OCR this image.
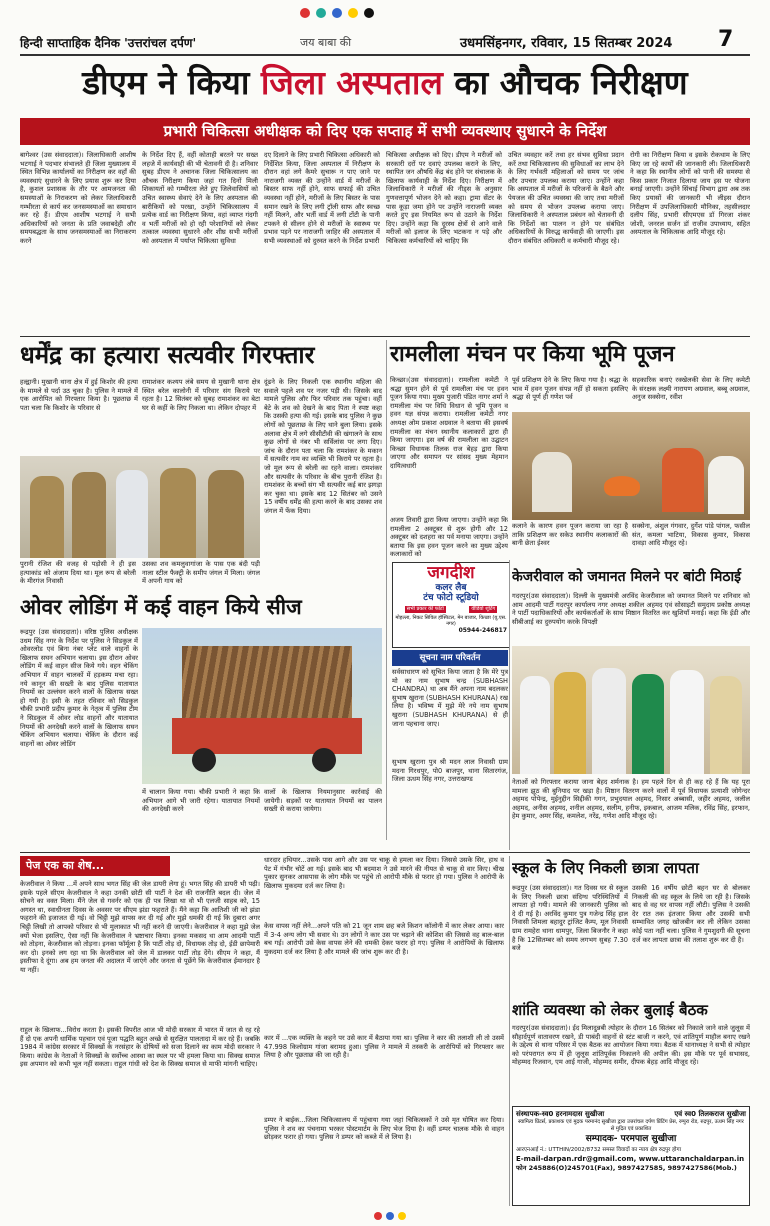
हिन्दी साप्ताहिक दैनिक 'उत्तरांचल दर्पण'	जय बाबा की	उधमसिंहनगर, रविवार, 15 सितम्बर 2024 7
डीएम ने किया जिला अस्पताल का औचक निरीक्षण
प्रभारी चिकित्सा अधीक्षक को दिए एक सप्ताह में सभी व्यवस्थाए सुधारने के निर्देश
बागेश्वर (उस संवाददाता)। जिलाधिकारी आशीष भटगाई ने पदभार संभालते ही जिला मुख्यालय में स्थित विभिन्न कार्यालयों का निरीक्षण कर वहाँ की व्यवस्थाएं सुधारने के लिए प्रयास शुरू कर दिया है, कुशल प्रशासक के तौर पर आमजनता की समस्याओं के निराकरण को लेकर जिलाधिकारी गम्भीरता से कार्य कर जनसमस्याओं का समाधान कर रहे हैं। डीएम आशीष भटगाई ने सभी अधिकारियों को जनता के प्रति जवाबदेही और समयबद्धता के साथ जनसमस्याओं का निराकरण करने
के निर्देश दिए हैं, वहीं कोताही बरतने पर सख्त लहजे में कार्यवाही की भी चेतावनी दी है। शनिवार सुबह डीएम ने अचानक जिला चिकित्सालय का औचक निरीक्षण किया जहां गत दिनों मिली शिकायतों को गम्भीरता लेते हुए जिलेवासियों को उचित स्वास्थ्य सेवाएं देने के लिए अस्पताल की बारीकियों को परखा, उन्होंने चिकित्सालय में प्रत्येक वार्ड का निरीक्षण किया, वहां व्याप्त गंदगी व भर्ती मरीजों को हो रही परेशानियों को लेकर तत्काल व्यवस्था सुधारने और शीघ्र सभी मरीजों को अस्पताल में पर्याप्त चिकित्सा सुविधा
दए दिलाने के लिए प्रभारी चिकित्सा अधिकारी को निर्देशित किया, जिला अस्पताल में निरीक्षण के दौरान वहां लगे कैमरे सुचारू न पाए जाने पर नाराजगी व्यक्त की उन्होंने वार्ड में मरीजों के बिस्तर साफ नहीं होने, साफ सफाई की उचित व्यवस्था नहीं होने, मरीजों के लिए बिस्तर के पास समान रखने के लिए लगी ट्रॉली साफ और स्वच्छ नहीं मिलने, और भर्ती वार्ड में लगी टोंटी के पानी टपकने से सीलन होने से मरीजों के स्वास्थ्य पर प्रभाव पड़ने पर नाराजगी जाहिर की अस्पताल में सभी व्यवस्थाओं को दुरुस्त करने के निर्देश प्रभारी
चिकित्सा अधीक्षक को दिए। डीएम ने मरीजों को सरकारी दरों पर दवाएं उपलब्ध कराने के लिए, स्थापित जन औषधि केंद्र बंद होने पर संचालक के खिलाफ कार्यवाही के निर्देश दिए। निरीक्षण में जिलाधिकारी ने मरीजों की नीड्स के अनुसार गुणवत्तापूर्ण भोजन देने को कहा। ट्रामा सेंटर के पास कूड़ा जमा होने पर उन्होंने नाराजगी व्यक्त करते हुए इस नियमित रूप से उठाने के निर्देश दिए। उन्होंने कहा कि दूरस्थ क्षेत्रों से आने वाले मरीजों को इलाज के लिए भटकना न पड़े और चिकित्सा कर्मचारियों को चाहिए कि
उचित व्यवहार करें तथा हर संभव सुविधा प्रदान करें तथा चिकित्सालय की सुविधाओं का लाभ देने के लिए गर्भवती महिलाओं को समय पर जांच और उपचार उपलब्ध कराया जाए। उन्होंने कहा कि अस्पताल में मरीजों के परिजनों के बैठने और पेयजल की उचित व्यवस्था की जाए तथा मरीजों को समय से भोजन उपलब्ध कराया जाए। जिलाधिकारी ने अस्पताल प्रबंधन को चेतावनी दी कि निर्देशों का पालन न होने पर संबंधित अधिकारियों के विरुद्ध कार्यवाही की जाएगी। इस दौरान संबंधित अधिकारी व कर्मचारी मौजूद रहे।
रोगी का निरीक्षण किया व इसके रोकथाम के लिए किए जा रहे कार्यों की जानकारी ली। जिलाधिकारी ने कहा कि स्थानीय लोगों को पानी की समस्या से किस प्रकार निजात दिलाया जाय इस पर योजना बनाई जाएगी। उन्होंने सिंचाई विभाग द्वारा अब तक किए प्रयासों की जानकारी भी लीइस दौरान निरीक्षण में उपजिलाधिकारी मौनिका, तहसीलदार दलीप सिंह, प्रभारी सीएमएस डॉ गिरजा शंकर जोशी, जनरल सर्जन डॉ राजीव उपाध्याय, सहित अस्पताल के चिकित्सक आदि मौजूद रहे।
धर्मेंद्र का हत्यारा सत्यवीर गिरफ्तार
हल्द्वानी। मुखानी थाना क्षेत्र में हुई किशोर की हत्या के मामले से पर्दा उठ चुका है। पुलिस ने मामले में एक आरोपित को गिरफ्तार किया है। पूछताछ में पता चला कि किशोर के परिवार से
रामाशंकर कश्यप लंबे समय से मुखानी थाना क्षेत्र स्थित बरेल कालोनी में परिवार संग किराये पर रहता है। 12 सितंबर को सुबह रामाशंकर का बेटा घर से कहीं के लिए निकला था। लेकिन दोपहर में
दूंढने के लिए निकली एक स्थानीय महिला की सवाले पहले शव पर नजर पड़ी थी। जिसके बाद मामले पुलिस और फिर परिवार तक पहुंचा। वहीं बेटे के शव को देखने के बाद पिता ने स्पष्ट कहा कि उसकी हत्या की गई। इसके बाद पुलिस ने कुछ लोगों को पूछताछ के लिए थाने बुला लिया। इसके अलावा क्षेत्र में लगे सीसीटीवी की खंगालने के साथ कुछ लोगों से नंबर भी सर्विलांस पर लगा दिए। जांच के दौरान पता चला कि रामशंकर के मकान में सत्यवीर नाम का व्यक्ति भी किराये पर रहता है। जो मूल रूप से बरेली का रहने वाला। रामशंकर और सत्यवीर के परिवार के बीच पुरानी रंजिश है। रामशंकर के बच्चों संग भी सत्यवीर कई बार झगड़ा कर चुका था। इसके बाद 12 सितंबर को उसने 15 वर्षीय धर्मेंद्र की हत्या करने के बाद उसका शव जंगल में फेंक दिया।
पुरानी रंजिश की वजह से पड़ोसी ने ही इस हत्याकांड को अंजाम दिया था। मूल रूप से बरेली के मीरगंज निवासी
उसका शव कमलुवागांजा के पास एक बंदी पड़ी नाला स्टील फैक्ट्री के समीप जंगल में मिला। जंगल में अपनी गाय को
रामलीला मंचन पर किया भूमि पूजन
किच्छा।(उस संवाददाता)। रामलीला कमेटी ने श्रद्धा सुमन होने से पूर्व रामलीला मंच पर हवन पूजन किया गया। मुख्य पुजारी पंडित नागर शर्मा ने रामलीला मंच पर विधि विधान से भूमि पूजन व हवन यज्ञ संपन्न कराया। रामलीला कमेटी नगर अध्यक्ष ओम प्रकाश अग्रवाल ने बताया की इसवर्ष रामलीला का मंचन स्थानीय कलाकारों द्वारा ही किया जाएगा। इस वर्ष की रामलीला का उद्घाटन किच्छा विधायक तिलक राज बेहड़ द्वारा किया जाएगा और समापन पर सांसद मुख्य मेहमान दायित्वधारी
अजय तिवारी द्वारा किया जाएगा। उन्होंने कहा कि रामलीला 2 अक्टूबर से शुरू होगी और 12 अक्टूबर को दशहरा का पर्व मनाया जाएगा। उन्होंने बताया कि इस हवन पूजन करने का मुख्य उद्देश्य कलाकारों को
पूर्व प्रशिक्षण देने के लिए किया गया है। श्रद्धा के भाव में हवन पूजन संपन्न नहीं हो सकता इसलिए श्रद्धा से पूर्ण ही गणेश पर्व
सहकारिक बनाएं रक्खेलकी सेवा के लिए कमेटी के संरक्षक लक्ष्मी नारायण अग्रवाल, बब्बू अग्रवाल, अनुज सक्सेना, रवीश
कलाने के कारण हवन पूजन कराया जा रहा है ताकि प्रशिक्षण कर सकेउ स्थानीय कलाकारों की बानी छेता ईश्वर
सक्सेना, अंशुल गंगवार, दुर्गेश पांडे पांगल, फसील संत, कमला भाटिया, विकास कुमार, विकास दावड़ा आदि मौजूद रहे।
जगदीश
कलर लैब
टंच फोटो स्टूडियो
सभी प्रकार की फोटो	वीडियो शूटिंग
मोहल्ला, निकट सिविल हॉस्पिटल, मेन बाजार, किच्छा (यू.एस. नगर)
05944-246817
सूचना नाम परिवर्तन
सर्वसाधारण को सूचित किया जाता है कि मेरे पुत्र मो का नाम सुभाष चन्द्र (SUBHASH CHANDRA) था अब मैंने अपना नाम बदलकर सुभाष खुराना (SUBHASH KHURANA) रख लिया है। भविष्य में मुझे मेरे नये नाम सुभाष खुराना (SUBHASH KHURANA) से ही जाना पहचाना जाए।
सुभाष खुराना पुत्र श्री मदन लाल निवासी ग्राम मदना गिरधपुर, पो0 बाजपुर, थाना सितारगंज, जिला ऊधम सिंह नगर, उत्तराखण्ड
ओवर लोडिंग में कई वाहन किये सीज
रूद्रपुर (उस संवाददाता)। वरिष्ठ पुलिस अधीक्षक उधम सिंह नगर के निर्देश पर पुलिस ने सिडकुल में ओवरलोड एवं बिना नंबर प्लेट वाले वाहनों के खिलाफ सघन अभियान चलाया। इस दौरान ओवर लोडिंग में कई वाहन सीज किये गये। वहन चेकिंग अभियान में वाहन चालकों में हड़कम्प मचा रहा। नये कानून की सख्ती के बाद पुलिस यातायात नियमों का उल्लंघन करने वालों के खिलाफ सख्त हो गयी है। इसी के तहत रविवार को सिडकुल चौकी प्रभारी प्रदीप कुमार के नेतृत्व में पुलिस टीम ने सिडकुल में ओवर लोड वाहनों और यातायात नियमों की अनदेखी करने वालों के खिलाफ सघन चेकिंग अभियान चलाया। चेकिंग के दौरान कई वाहनों का ओवर लोडिंग
में चालान किया गया। चौकी प्रभारी ने कहा कि अभियान आगे भी जारी रहेगा। यातायात नियमों की अनदेखी करने
वालों के खिलाफ नियमानुसार कार्रवाई की जायेगी। सड़कों पर यातायात नियमों का पालन सख्ती से कराया जायेगा।
केजरीवाल को जमानत मिलने पर बांटी मिठाई
गदरपुर(उस संवाददाता)। दिल्ली के मुख्यमंत्री अरविंद केजरीवाल को जमानत मिलने पर शनिवार को आम आदमी पार्टी गदरपुर कार्यालय नगर अध्यक्ष शकील अहमद एवं सोसाइटी समुदाय प्रकोष्ठ अध्यक्ष ने पार्टी पदाधिकारियों और कार्यकर्ताओं के साथ मिष्ठान वितरित कर खुशियाँ मनाई। कहा कि ईडी और सीबीआई का दुरुपयोग करके विपक्षी
नेताओं को गिरफ्तार कराया जाना बेहद शर्मनाक है। हम पहले दिन से ही कह रहे हैं कि यह पूरा मामला झूठ की बुनियाद पर खड़ा है। मिष्ठान वितरण करने वालों में पूर्व विधायक प्रत्याशी जोगेन्दर अहमद पोपेन्द्र, मुईनुद्दीन सिद्दीकी गगन, प्रभुदयाल अहमद, निसार अब्बासी, जहीर अहमद, जलील अहमद, अनीस अहमद, शनील अहमद, सलीम, हनीफ, इकबाल, आजम मलिक, रविंद्र सिंह, इरफान, हेम कुमार, अमर सिंह, कमलेश, नरेंद्र, गणेश आदि मौजूद रहे।
पेज एक का शेष...
केजरीवाल ने किया ...में अपने साथ भगत सिंह की जेल डायरी लेगा हूं। भगत सिंह की डायरी भी पढ़ी। इसके पहले सीएम केजरीवाल ने कहा उनकी छोटी सी पार्टी ने देश की राजनीति बदल दी। जेल में सोचने का वक्त मिला। मैंने जेल से गवर्नर को एक ही पत्र लिखा था वो भी एलजी साहब को, 15 अगस्त था, स्वाधीनता दिवस के अवसर पर सीएम झंडा फहराते हैं। मैंने कहा कि आतिशी जी को झंडा फहराने की इजाजत दी गई। वो चिट्ठी मुझे वापस कर दी गई और मुझे धमकी दी गई कि दुबारा अगर चिट्ठी लिखी तो आपको परिवार से भी मुलाकात भी नहीं करने दी जाएगी। केजरीवाल ने कहा मुझे जेल क्यों भेजा इसलिए, ऐसा नहीं कि केजरीवाल ने भ्रष्टाचार किया। इनका मकसद था आम आदमी पार्टी को तोड़ना, केजरीवाल को तोड़ना। इनका फॉर्मूला है कि पार्टी तोड़ दो, विधायक तोड़ दो, ईडी छापेमारी कर दो। इनको लग रहा था कि केजरीवाल को जेल में डालकर पार्टी तोड़ देंगे। सीएम ने कहा, मैं इस्तीफा दे दूंगा। अब हम जनता की अदालत में जाएंगे और जनता से पूछेंगे कि केजरीवाल ईमानदार है या नहीं।
राहुल के खिलाफ...विरोध करता है। इसकी विपरीत आज भी मोदी सरकार में भारत में जात से रह रहे हैं दो एक अपनी धार्मिक पहचान एवं पूजा पद्धति बहुत अच्छे से सुरक्षित पालतादा में कर रहे हैं। जबकि 1984 में कांग्रेस सरकार में सिक्खों के नरसंहार के दोषियों को सजा दिलाने का काम मोदी सरकार ने किया। कांग्रेस के नेताओं ने सिक्खों के सर्वोच्च आस्था का स्थल पर भी हमला किया था। सिक्ख समाज इस अपमान को कभी भूल नहीं सकता। राहुल गांधी को देश के सिक्ख समाज से माफी मांगनी चाहिए।
धारदार हथियार...उसके पास आगे और उस पर चाकू से हमला कर दिया। जिससे उसके सिर, हाथ व पेट में गंभीर चोटें आ गई। इसके बाद भी बदमाश ने उसे मारने की नीयत से चाकू से वार किए। चीख पुकार सुनकर आसपास के लोग मौके पर पहुंचे तो आरोपी मौके से फरार हो गया। पुलिस ने आरोपी के खिलाफ मुकदमा दर्ज कर लिया है।
केस वापस नहीं लेने...अपने पति को 21 जून शाम छह बजे किशन कॉलोनी में कार लेकर आया। कार में 3-4 अन्य लोग भी सवार थे। उन लोगों ने कार उस पर चढ़ाने की कोशिश की जिससे वह बाल-बाल बच गई। आरोपी उसे केस वापस लेने की धमकी देकर फरार हो गए। पुलिस ने आरोपियों के खिलाफ मुकदमा दर्ज कर लिया है और मामले की जांच शुरू कर दी है।
कार में ...एक व्यक्ति के कहने पर उसे कार में बैठाया गया था। पुलिस ने कार की तलाशी ली तो उसमें 47.998 किलोग्राम गांजा बरामद हुआ। पुलिस ने मामले में तस्करी के आरोपियों को गिरफ्तार कर लिया है और पूछताछ की जा रही है।
डम्पर ने बाईक...जिला चिकित्सालय में पहुंचाया गया जहां चिकित्सकों ने उसे मृत घोषित कर दिया। पुलिस ने शव का पंचनामा भरकर पोस्टमार्टम के लिए भेज दिया है। वहीं डम्पर चालक मौके से वाहन छोड़कर फरार हो गया। पुलिस ने डम्पर को कब्जे में ले लिया है।
स्कूल के लिए निकली छात्रा लापता
रूद्रपुर (उस संवाददाता)। गत दिवस घर से स्कूल के लिए निकली छात्रा संदिग्ध परिस्थितियों में लापता हो गयी। मामले की जानकारी पुलिस को दे दी गई है। अरविंद कुमार पुत्र गजेन्द्र सिंह हाल निवासी शिमला बहादुर ट्रांजिट कैम्प, मूल निवासी ग्राम रामहेरा थाना धामपुर, जिला बिजनौर ने कहा है कि 12सितम्बर को समय लगभग सुबह 7.30 बजे
उसकी 16 वर्षीय छोटी बहन घर से बोलकर निकली की वह स्कूल के लिये जा रही है। जिसके बाद से वह घर वापस नहीं लौटी। पुलिस ने उसकी देर रात तक इंतजार किया और उसकी सभी सम्भावित जगह खोजबीन कर ली लेकिन उसका कोई पता नहीं चला। पुलिस ने गुमशुदगी की सूचना दर्ज कर लापता छात्रा की तलाश शुरू कर दी है।
शांति व्यवस्था को लेकर बुलाई बैठक
गदरपुर(उस संवाददाता)। ईद मिलादुन्नबी त्योहार के दौरान 16 सितंबर को निकाले जाने वाले जुलूस में सौहार्दपूर्ण वातावरण रखने, डी पाबंदी वाहनों से स्टंट बाजी न करने, एवं शांतिपूर्ण माहौल बनाए रखने के उद्देश्य से थाना परिसर में एक बैठक का आयोजन किया गया। बैठक में थानाध्यक्ष ने सभी से त्योहार को परंपरागत रूप में ही जुलूस शांतिपूर्वक निकालने की अपील की। इस मौके पर पूर्व सभासद, मोहम्मद रिजवान, एम आई गाजी, मोहम्मद समीर, दीपक बेहड़ आदि मौजूद रहे।
संस्थापक-स्व0 हरनामदास सुखीजा	एवं स्व0 तिलकराज सुखीजा
स्वामित्व प्रिंटर्स, प्रकाशक एवं मुद्रक परमानंद सुखीजा द्वारा उत्तरांचल दर्पण प्रिंटिंग प्रेस, रम्पुरा रोड, रुद्रपुर, ऊधम सिंह नगर से मुद्रित एवं प्रकाशित
सम्पादक- परमपाल सुखीजा
आरएनआई नं.: UTTHIN/2002/8732 समस्त विवादों का न्याय क्षेत्र रुद्रपुर होगा
E-mail-darpan.rdr@gmail.com, www.uttaranchaldarpan.in
फोन 245886(O)245701(Fax), 9897427585, 9897427586(Mob.)
